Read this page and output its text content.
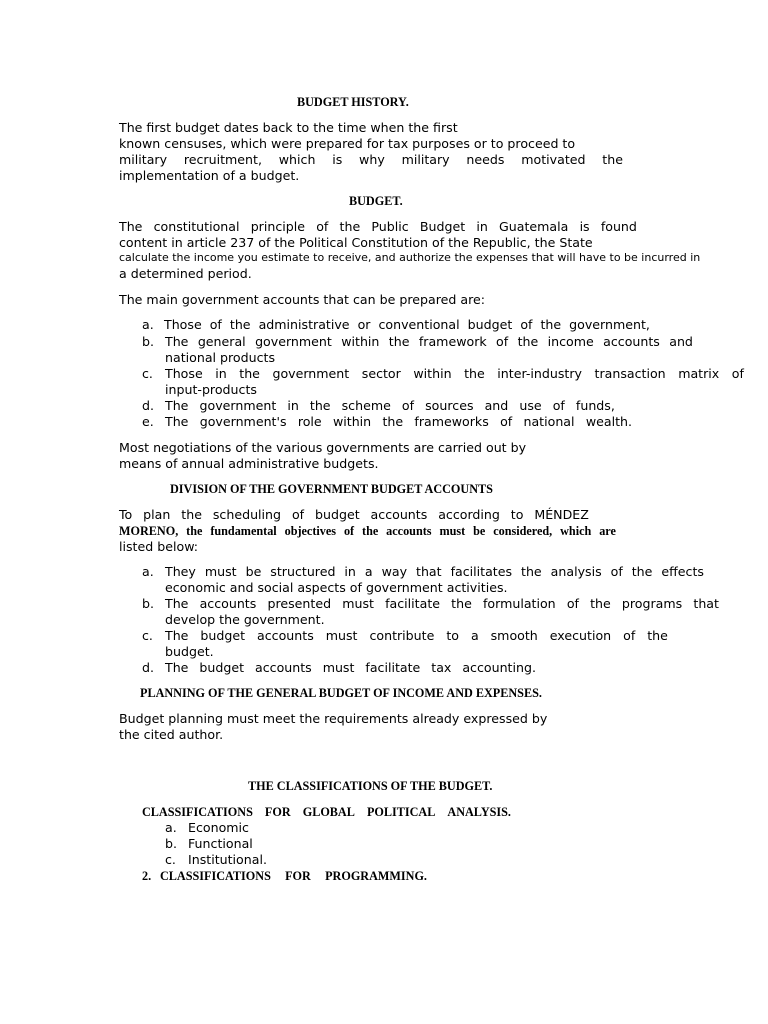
BUDGET HISTORY.
The first budget dates back to the time when the first
known censuses, which were prepared for tax purposes or to proceed to
military recruitment, which is why military needs motivated the
implementation of a budget.
BUDGET.
The constitutional principle of the Public Budget in Guatemala is found
content in article 237 of the Political Constitution of the Republic, the State
calculate the income you estimate to receive, and authorize the expenses that will have to be incurred in
a determined period.
The main government accounts that can be prepared are:
a. Those of the administrative or conventional budget of the government,
b. The general government within the framework of the income accounts and
national products
c. Those in the government sector within the inter-industry transaction matrix of
input-products
d. The government in the scheme of sources and use of funds,
e. The government's role within the frameworks of national wealth.
Most negotiations of the various governments are carried out by
means of annual administrative budgets.
DIVISION OF THE GOVERNMENT BUDGET ACCOUNTS
To plan the scheduling of budget accounts according to MÉNDEZ
MORENO, the fundamental objectives of the accounts must be considered, which are
listed below:
a. They must be structured in a way that facilitates the analysis of the effects
economic and social aspects of government activities.
b. The accounts presented must facilitate the formulation of the programs that
develop the government.
c. The budget accounts must contribute to a smooth execution of the
budget.
d. The budget accounts must facilitate tax accounting.
PLANNING OF THE GENERAL BUDGET OF INCOME AND EXPENSES.
Budget planning must meet the requirements already expressed by
the cited author.
THE CLASSIFICATIONS OF THE BUDGET.
CLASSIFICATIONS FOR GLOBAL POLITICAL ANALYSIS.
a. Economic
b. Functional
c. Institutional.
2. CLASSIFICATIONS FOR PROGRAMMING.
